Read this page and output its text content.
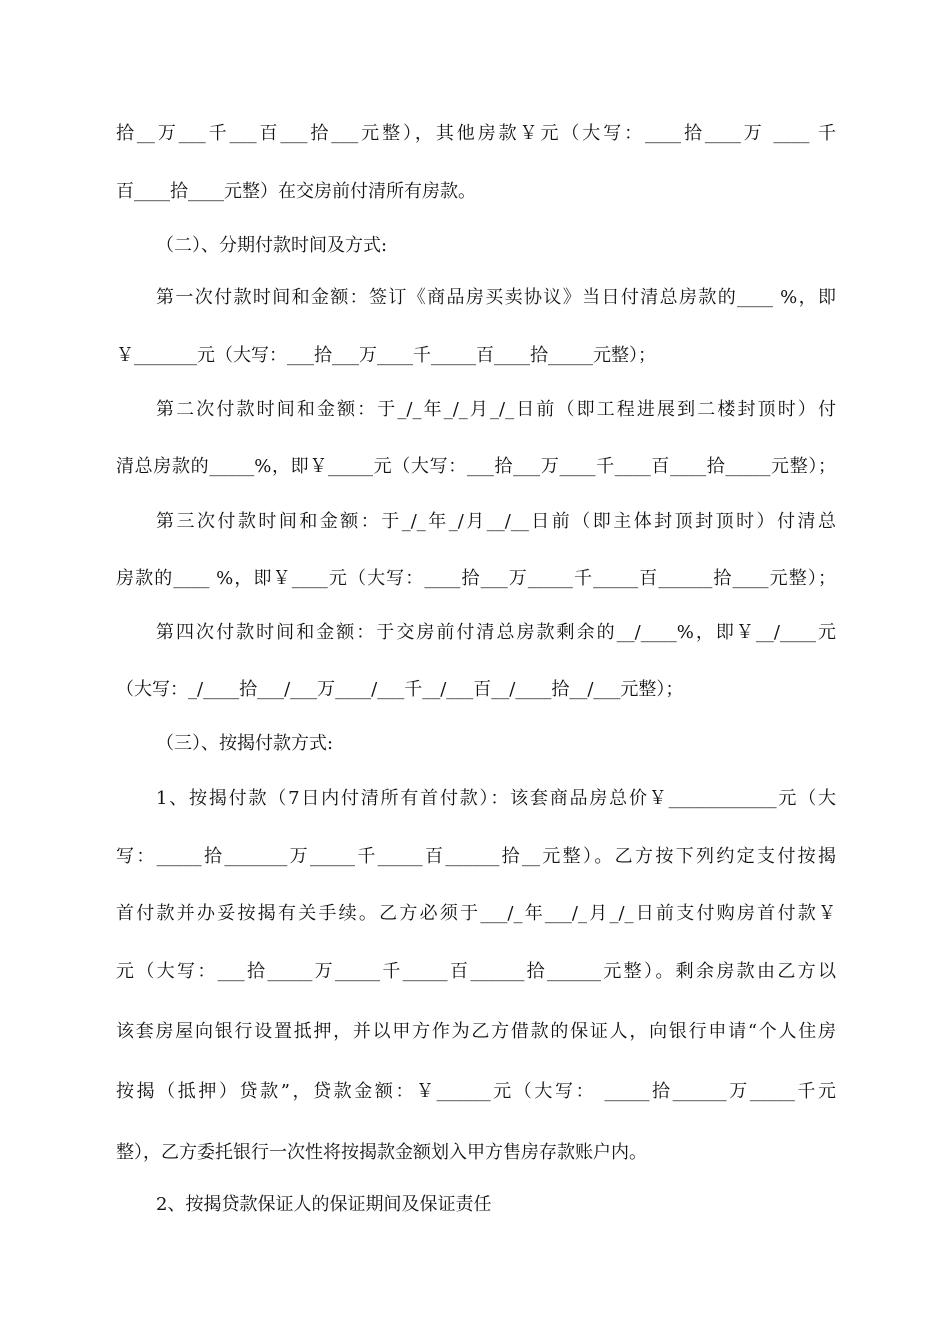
拾__万___千___百___拾___元整），其他房款￥元（大写：____拾____万 ____ 千
百____拾____元整）在交房前付清所有房款。
（二）、分期付款时间及方式:
第一次付款时间和金额：签订《商品房买卖协议》当日付清总房款的____ %，即
￥_______元（大写：___拾___万____千_____百____拾_____元整）；
第二次付款时间和金额：于_/_年_/_月_/_日前（即工程进展到二楼封顶时）付
清总房款的_____%，即￥_____元（大写：___拾___万____千____百____拾_____元整）；
第三次付款时间和金额：于_/_年_/月__/__日前（即主体封顶封顶时）付清总
房款的____ %，即￥____元（大写：____拾___万_____千_____百______拾____元整）；
第四次付款时间和金额：于交房前付清总房款剩余的__/____%，即￥__/____元
（大写：_/____拾___/___万____/___千__/___百__/____拾__/___元整）；
（三）、按揭付款方式:
1、按揭付款（7日内付清所有首付款）：该套商品房总价￥____________元（大
写：_____拾_______万_____千_____百______拾__元整）。乙方按下列约定支付按揭
首付款并办妥按揭有关手续。乙方必须于___/_年___/_月_/_日前支付购房首付款￥
元（大写：___拾_____万_____千_____百______拾______元整）。剩余房款由乙方以
该套房屋向银行设置抵押，并以甲方作为乙方借款的保证人，向银行申请“个人住房
按揭（抵押）贷款”，贷款金额：￥______元（大写： _____拾______万_____千元
整），乙方委托银行一次性将按揭款金额划入甲方售房存款账户内。
2、按揭贷款保证人的保证期间及保证责任
